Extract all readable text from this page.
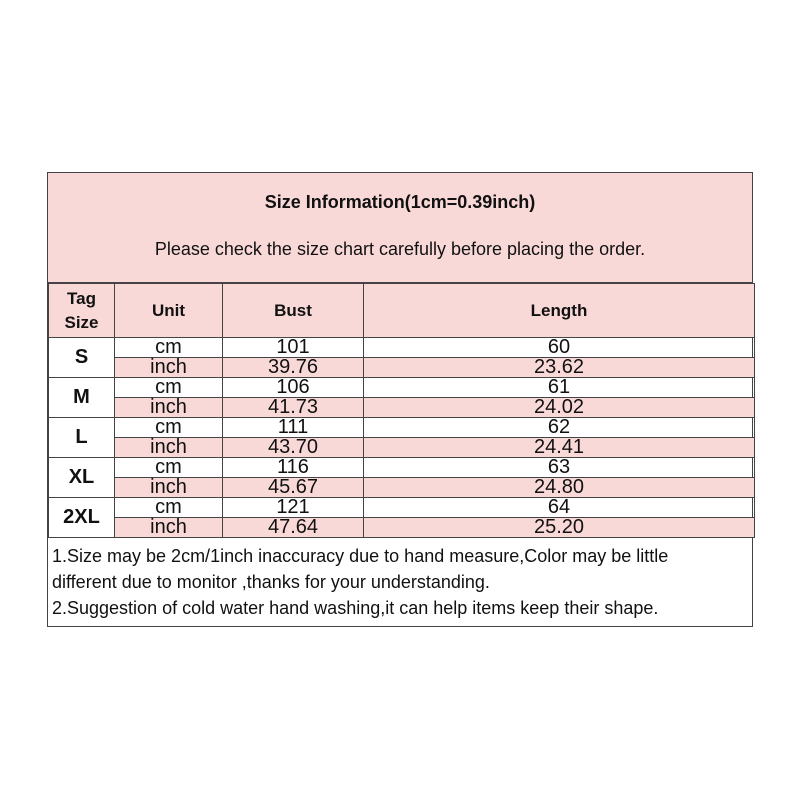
Size Information(1cm=0.39inch)
Please check the size chart carefully before placing the order.
Tag
Size	Unit	Bust	Length
S	cm	101	60
	inch	39.76	23.62
M	cm	106	61
	inch	41.73	24.02
L	cm	111	62
	inch	43.70	24.41
XL	cm	116	63
	inch	45.67	24.80
2XL	cm	121	64
	inch	47.64	25.20

1.Size may be 2cm/1inch inaccuracy due to hand measure,Color may be little

different due to monitor ,thanks for your understanding.

2.Suggestion of cold water hand washing,it can help items keep their shape.
